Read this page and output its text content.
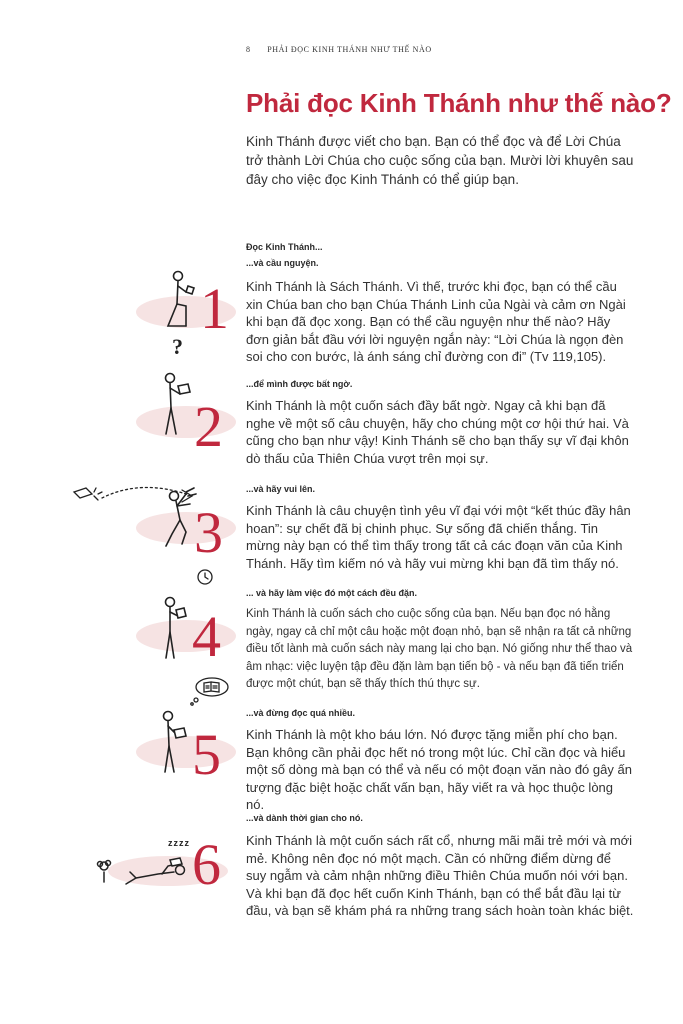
8 PHẢI ĐỌC KINH THÁNH NHƯ THẾ NÀO
Phải đọc Kinh Thánh như thế nào?
Kinh Thánh được viết cho bạn. Bạn có thể đọc và để Lời Chúa trở thành Lời Chúa cho cuộc sống của bạn. Mười lời khuyên sau đây cho việc đọc Kinh Thánh có thể giúp bạn.
Đọc Kinh Thánh...
1
...và cầu nguyện.
Kinh Thánh là Sách Thánh. Vì thế, trước khi đọc, bạn có thể cầu xin Chúa ban cho bạn Chúa Thánh Linh của Ngài và cảm ơn Ngài khi bạn đã đọc xong. Bạn có thể cầu nguyện như thế nào? Hãy đơn giản bắt đầu với lời nguyện ngắn này: “Lời Chúa là ngọn đèn soi cho con bước, là ánh sáng chỉ đường con đi” (Tv 119,105).
?
2
...để mình được bất ngờ.
Kinh Thánh là một cuốn sách đầy bất ngờ. Ngay cả khi bạn đã nghe về một số câu chuyện, hãy cho chúng một cơ hội thứ hai. Và cũng cho bạn như vậy! Kinh Thánh sẽ cho bạn thấy sự vĩ đại khôn dò thấu của Thiên Chúa vượt trên mọi sự.
3
...và hãy vui lên.
Kinh Thánh là câu chuyện tình yêu vĩ đại với một “kết thúc đầy hân hoan”: sự chết đã bị chinh phục. Sự sống đã chiến thắng. Tin mừng này bạn có thể tìm thấy trong tất cả các đoạn văn của Kinh Thánh. Hãy tìm kiếm nó và hãy vui mừng khi bạn đã tìm thấy nó.
4
... và hãy làm việc đó một cách đều đặn.
Kinh Thánh là cuốn sách cho cuộc sống của bạn. Nếu bạn đọc nó hằng ngày, ngay cả chỉ một câu hoặc một đoạn nhỏ, bạn sẽ nhận ra tất cả những điều tốt lành mà cuốn sách này mang lại cho bạn. Nó giống như thể thao và âm nhạc: việc luyện tập đều đặn làm bạn tiến bộ - và nếu bạn đã tiến triển được một chút, bạn sẽ thấy thích thú thực sự.
5
...và đừng đọc quá nhiều.
Kinh Thánh là một kho báu lớn. Nó được tặng miễn phí cho bạn. Bạn không cần phải đọc hết nó trong một lúc. Chỉ cần đọc và hiểu một số dòng mà bạn có thể và nếu có một đoạn văn nào đó gây ấn tượng đặc biệt hoặc chất vấn bạn, hãy viết ra và học thuộc lòng nó.
zzzz 6
...và dành thời gian cho nó.
Kinh Thánh là một cuốn sách rất cổ, nhưng mãi mãi trẻ mới và mới mẻ. Không nên đọc nó một mạch. Cần có những điểm dừng để suy ngẫm và cảm nhận những điều Thiên Chúa muốn nói với bạn. Và khi bạn đã đọc hết cuốn Kinh Thánh, bạn có thể bắt đầu lại từ đầu, và bạn sẽ khám phá ra những trang sách hoàn toàn khác biệt.
